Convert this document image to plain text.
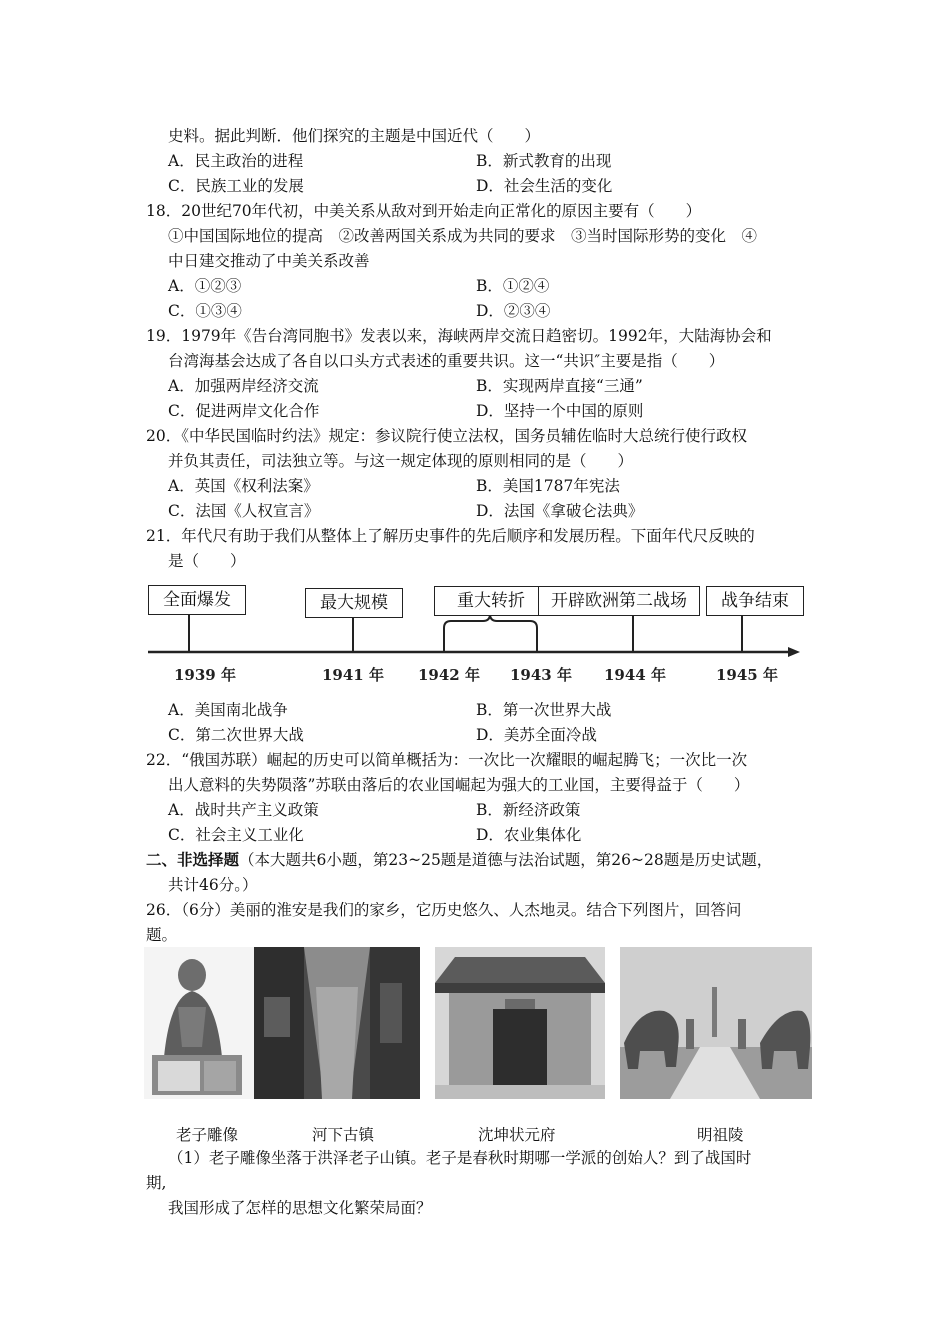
史料。据此判断．他们探究的主题是中国近代（　　）
A．民主政治的进程	B．新式教育的出现
C．民族工业的发展	D．社会生活的变化
18．20世纪70年代初，中美关系从敌对到开始走向正常化的原因主要有（　　）
①中国国际地位的提高　②改善两国关系成为共同的要求　③当时国际形势的变化　④
中日建交推动了中美关系改善
A．①②③	B．①②④
C．①③④	D．②③④
19．1979年《告台湾同胞书》发表以来，海峡两岸交流日趋密切。1992年，大陆海协会和
台湾海基会达成了各自以口头方式表述的重要共识。这一“共识″主要是指（　　）
A．加强两岸经济交流	B．实现两岸直接“三通”
C．促进两岸文化合作	D．坚持一个中国的原则
20．《中华民国临时约法》规定：参议院行使立法权，国务员辅佐临时大总统行使行政权
并负其责任，司法独立等。与这一规定体现的原则相同的是（　　）
A．英国《权利法案》	B．美国1787年宪法
C．法国《人权宣言》	D．法国《拿破仑法典》
21．年代尺有助于我们从整体上了解历史事件的先后顺序和发展历程。下面年代尺反映的
是（　　）
全面爆发	最大规模	重大转折	开辟欧洲第二战场	战争结束
1939 年	1941 年 1942 年 1943 年 1944 年	1945 年
A．美国南北战争	B．第一次世界大战
C．第二次世界大战	D．美苏全面冷战
22．“俄国苏联）崛起的历史可以简单概括为：一次比一次耀眼的崛起腾飞；一次比一次
出人意料的失势陨落”苏联由落后的农业国崛起为强大的工业国，主要得益于（　　）
A．战时共产主义政策	B．新经济政策
C．社会主义工业化	D．农业集体化
二、非选择题（本大题共6小题，第23~25题是道德与法治试题，第26~28题是历史试题，
共计46分。）
26．（6分）美丽的淮安是我们的家乡，它历史悠久、人杰地灵。结合下列图片，回答问
题。
老子雕像	河下古镇	沈坤状元府	明祖陵
（1）老子雕像坐落于洪泽老子山镇。老子是春秋时期哪一学派的创始人？到了战国时
期,
我国形成了怎样的思想文化繁荣局面？
